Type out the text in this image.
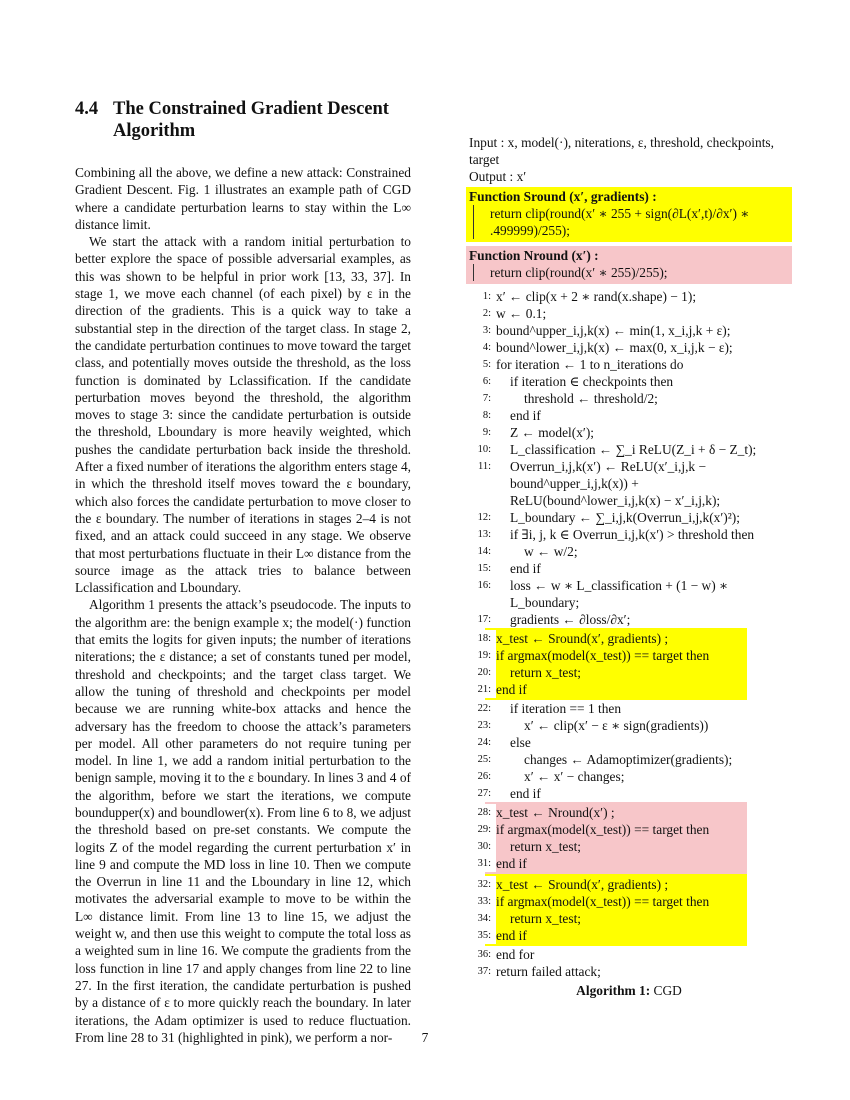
4.4 The Constrained Gradient Descent Algorithm

Combining all the above, we define a new attack: Constrained Gradient Descent. Fig. 1 illustrates an example path of CGD where a candidate perturbation learns to stay within the L∞ distance limit.

We start the attack with a random initial perturbation to better explore the space of possible adversarial examples, as this was shown to be helpful in prior work [13, 33, 37]. In stage 1, we move each channel (of each pixel) by ε in the direction of the gradients. This is a quick way to take a substantial step in the direction of the target class. In stage 2, the candidate perturbation continues to move toward the target class, and potentially moves outside the threshold, as the loss function is dominated by Lclassification. If the candidate perturbation moves beyond the threshold, the algorithm moves to stage 3: since the candidate perturbation is outside the threshold, Lboundary is more heavily weighted, which pushes the candidate perturbation back inside the threshold. After a fixed number of iterations the algorithm enters stage 4, in which the threshold itself moves toward the ε boundary, which also forces the candidate perturbation to move closer to the ε boundary. The number of iterations in stages 2–4 is not fixed, and an attack could succeed in any stage. We observe that most perturbations fluctuate in their L∞ distance from the source image as the attack tries to balance between Lclassification and Lboundary.

Algorithm 1 presents the attack’s pseudocode. The inputs to the algorithm are: the benign example x; the model(·) function that emits the logits for given inputs; the number of iterations niterations; the ε distance; a set of constants tuned per model, threshold and checkpoints; and the target class target. We allow the tuning of threshold and checkpoints per model because we are running white-box attacks and hence the adversary has the freedom to choose the attack’s parameters per model. All other parameters do not require tuning per model. In line 1, we add a random initial perturbation to the benign sample, moving it to the ε boundary. In lines 3 and 4 of the algorithm, before we start the iterations, we compute boundupper(x) and boundlower(x). From line 6 to 8, we adjust the threshold based on pre-set constants. We compute the logits Z of the model regarding the current perturbation x′ in line 9 and compute the MD loss in line 10. Then we compute the Overrun in line 11 and the Lboundary in line 12, which motivates the adversarial example to move to be within the L∞ distance limit. From line 13 to line 15, we adjust the weight w, and then use this weight to compute the total loss as a weighted sum in line 16. We compute the gradients from the loss function in line 17 and apply changes from line 22 to line 27. In the first iteration, the candidate perturbation is pushed by a distance of ε to more quickly reach the boundary. In later iterations, the Adam optimizer is used to reduce fluctuation. From line 28 to 31 (highlighted in pink), we perform a nor-

Input : x, model(·), niterations, ε, threshold, checkpoints, target

Output : x′

Function Sround (x′, gradients) :
return clip(round(x′ ∗ 255 + sign(∂L(x′,t)/∂x′) ∗ .499999)/255);
Function Nround (x′) :
return clip(round(x′ ∗ 255)/255);
1: x′ ← clip(x + 2 ∗ rand(x.shape) − 1);
2: w ← 0.1;
3: bound^upper_i,j,k(x) ← min(1, x_i,j,k + ε);
4: bound^lower_i,j,k(x) ← max(0, x_i,j,k − ε);
5: for iteration ← 1 to n_iterations do
6:	if iteration ∈ checkpoints then
7:	threshold ← threshold/2;
8:	end if
9:	Z ← model(x′);
10:	L_classification ← ∑_i ReLU(Z_i + δ − Z_t);
11:	Overrun_i,j,k(x′) ← ReLU(x′_i,j,k − bound^upper_i,j,k(x)) + ReLU(bound^lower_i,j,k(x) − x′_i,j,k);
12:	L_boundary ← ∑_i,j,k(Overrun_i,j,k(x′)²);
13:	if ∃i, j, k ∈ Overrun_i,j,k(x′) > threshold then
14:	w ← w/2;
15:	end if
16:	loss ← w ∗ L_classification + (1 − w) ∗ L_boundary;
17:	gradients ← ∂loss/∂x′;
18: x_test ← Sround(x′, gradients) ;
19: if argmax(model(x_test)) == target then
20:	return x_test;
21: end if
22:	if iteration == 1 then
23:	x′ ← clip(x′ − ε ∗ sign(gradients))
24:	else
25:	changes ← Adamoptimizer(gradients);
26:	x′ ← x′ − changes;
27:	end if
28: x_test ← Nround(x′) ;
29: if argmax(model(x_test)) == target then
30:	return x_test;
31: end if
32: x_test ← Sround(x′, gradients) ;
33: if argmax(model(x_test)) == target then
34:	return x_test;
35: end if
36: end for
37: return failed attack;
Algorithm 1: CGD
7
